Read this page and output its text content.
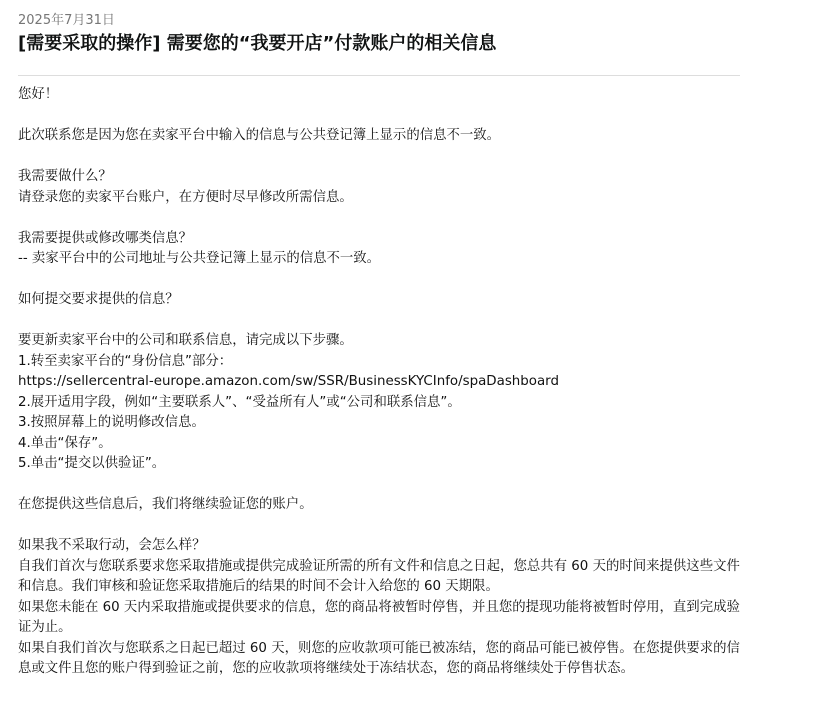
2025年7月31日
[需要采取的操作] 需要您的“我要开店”付款账户的相关信息

您好！

此次联系您是因为您在卖家平台中输入的信息与公共登记簿上显示的信息不一致。

我需要做什么？

请登录您的卖家平台账户，在方便时尽早修改所需信息。

我需要提供或修改哪类信息？

-- 卖家平台中的公司地址与公共登记簿上显示的信息不一致。

如何提交要求提供的信息？

要更新卖家平台中的公司和联系信息，请完成以下步骤。

1.转至卖家平台的“身份信息”部分：

https://sellercentral-europe.amazon.com/sw/SSR/BusinessKYCInfo/spaDashboard

2.展开适用字段，例如“主要联系人”、“受益所有人”或“公司和联系信息”。

3.按照屏幕上的说明修改信息。

4.单击“保存”。

5.单击“提交以供验证”。

在您提供这些信息后，我们将继续验证您的账户。

如果我不采取行动，会怎么样？

自我们首次与您联系要求您采取措施或提供完成验证所需的所有文件和信息之日起，您总共有 60 天的时间来提供这些文件和信息。我们审核和验证您采取措施后的结果的时间不会计入给您的 60 天期限。

如果您未能在 60 天内采取措施或提供要求的信息，您的商品将被暂时停售，并且您的提现功能将被暂时停用，直到完成验证为止。

如果自我们首次与您联系之日起已超过 60 天，则您的应收款项可能已被冻结，您的商品可能已被停售。在您提供要求的信息或文件且您的账户得到验证之前，您的应收款项将继续处于冻结状态，您的商品将继续处于停售状态。
